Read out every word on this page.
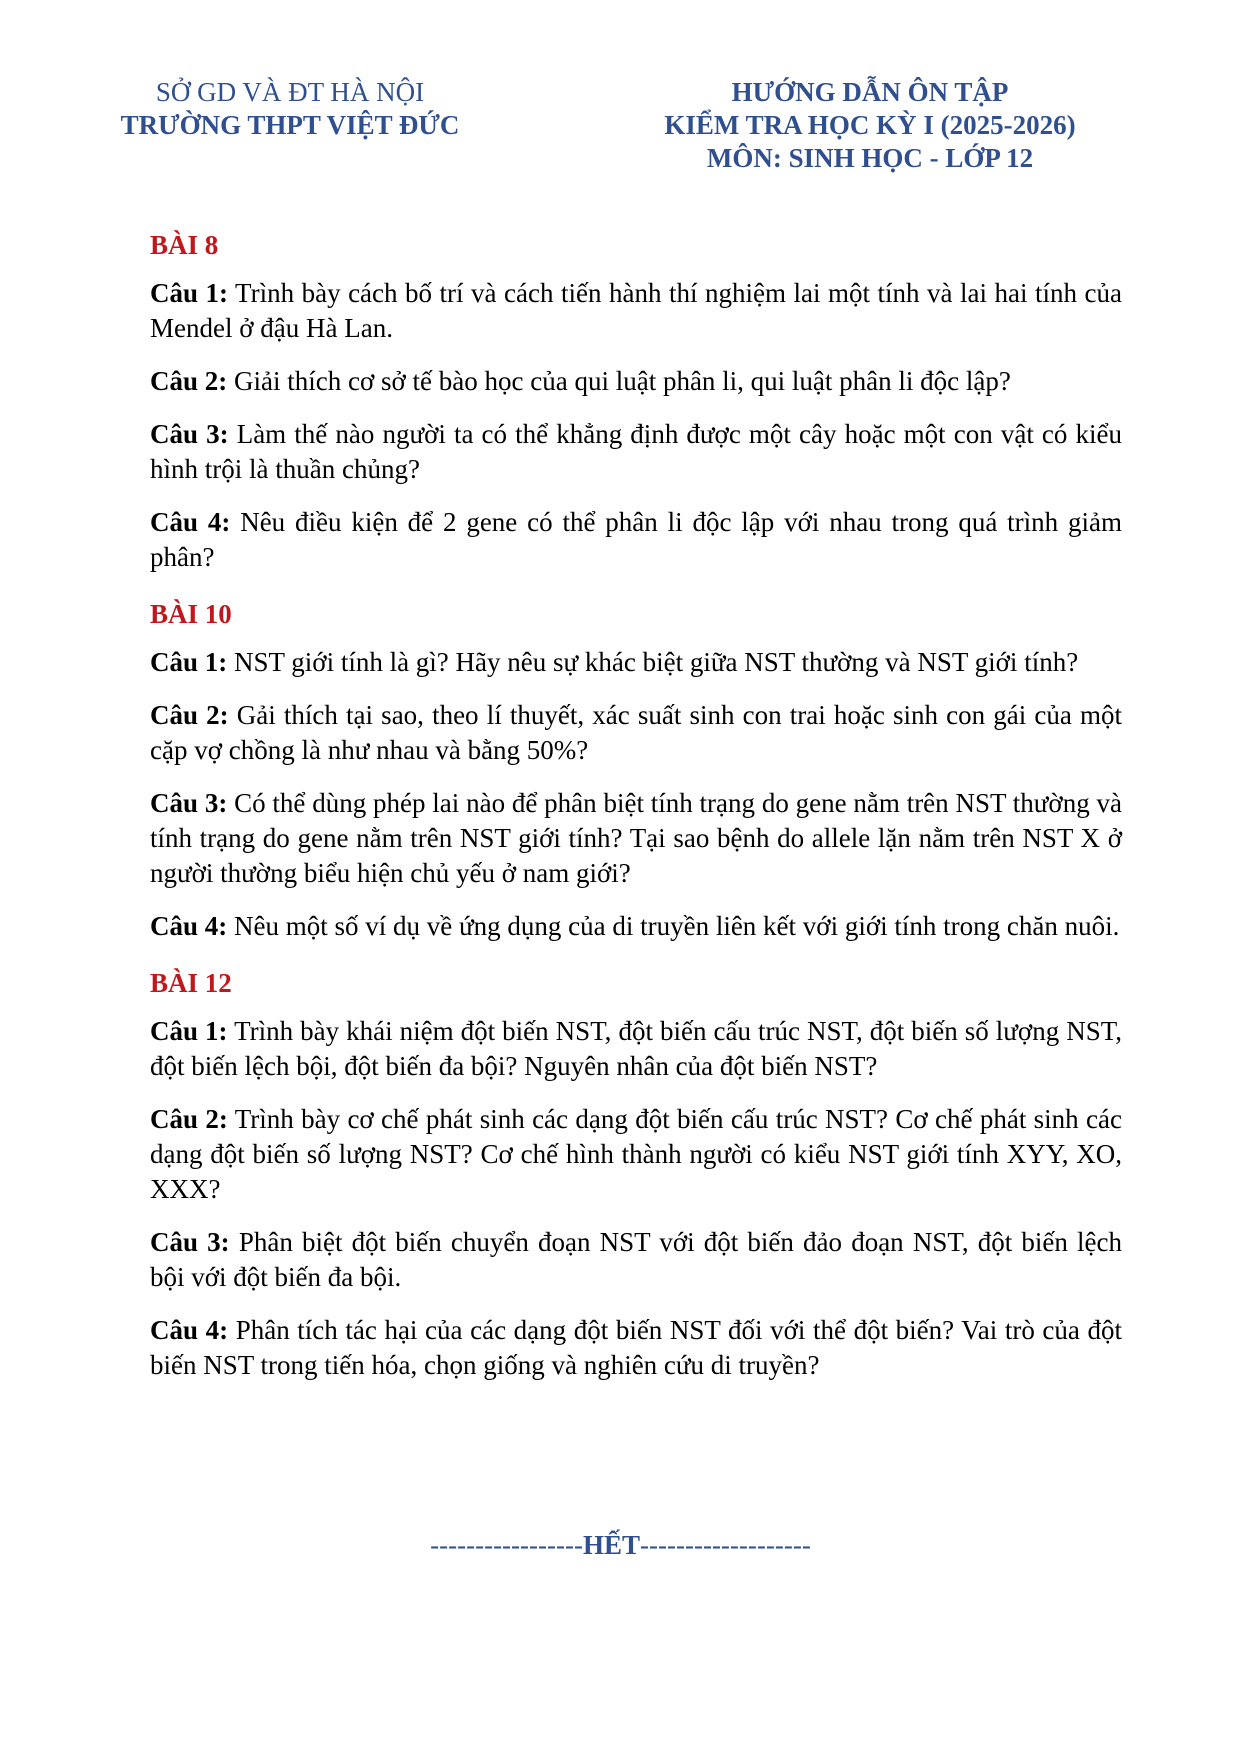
SỞ GD VÀ ĐT HÀ NỘI
TRƯỜNG THPT VIỆT ĐỨC
HƯỚNG DẪN ÔN TẬP
KIỂM TRA HỌC KỲ I (2025-2026)
MÔN: SINH HỌC - LỚP 12
BÀI 8

Câu 1: Trình bày cách bố trí và cách tiến hành thí nghiệm lai một tính và lai hai tính của Mendel ở đậu Hà Lan.

Câu 2: Giải thích cơ sở tế bào học của qui luật phân li, qui luật phân li độc lập?

Câu 3: Làm thế nào người ta có thể khẳng định được một cây hoặc một con vật có kiểu hình trội là thuần chủng?

Câu 4: Nêu điều kiện để 2 gene có thể phân li độc lập với nhau trong quá trình giảm phân?

BÀI 10

Câu 1: NST giới tính là gì? Hãy nêu sự khác biệt giữa NST thường và NST giới tính?

Câu 2: Gải thích tại sao, theo lí thuyết, xác suất sinh con trai hoặc sinh con gái của một cặp vợ chồng là như nhau và bằng 50%?

Câu 3: Có thể dùng phép lai nào để phân biệt tính trạng do gene nằm trên NST thường và tính trạng do gene nằm trên NST giới tính? Tại sao bệnh do allele lặn nằm trên NST X ở người thường biểu hiện chủ yếu ở nam giới?

Câu 4: Nêu một số ví dụ về ứng dụng của di truyền liên kết với giới tính trong chăn nuôi.

BÀI 12

Câu 1: Trình bày khái niệm đột biến NST, đột biến cấu trúc NST, đột biến số lượng NST, đột biến lệch bội, đột biến đa bội? Nguyên nhân của đột biến NST?

Câu 2: Trình bày cơ chế phát sinh các dạng đột biến cấu trúc NST? Cơ chế phát sinh các dạng đột biến số lượng NST? Cơ chế hình thành người có kiểu NST giới tính XYY, XO, XXX?

Câu 3: Phân biệt đột biến chuyển đoạn NST với đột biến đảo đoạn NST, đột biến lệch bội với đột biến đa bội.

Câu 4: Phân tích tác hại của các dạng đột biến NST đối với thể đột biến? Vai trò của đột biến NST trong tiến hóa, chọn giống và nghiên cứu di truyền?

-----------------HẾT-------------------
